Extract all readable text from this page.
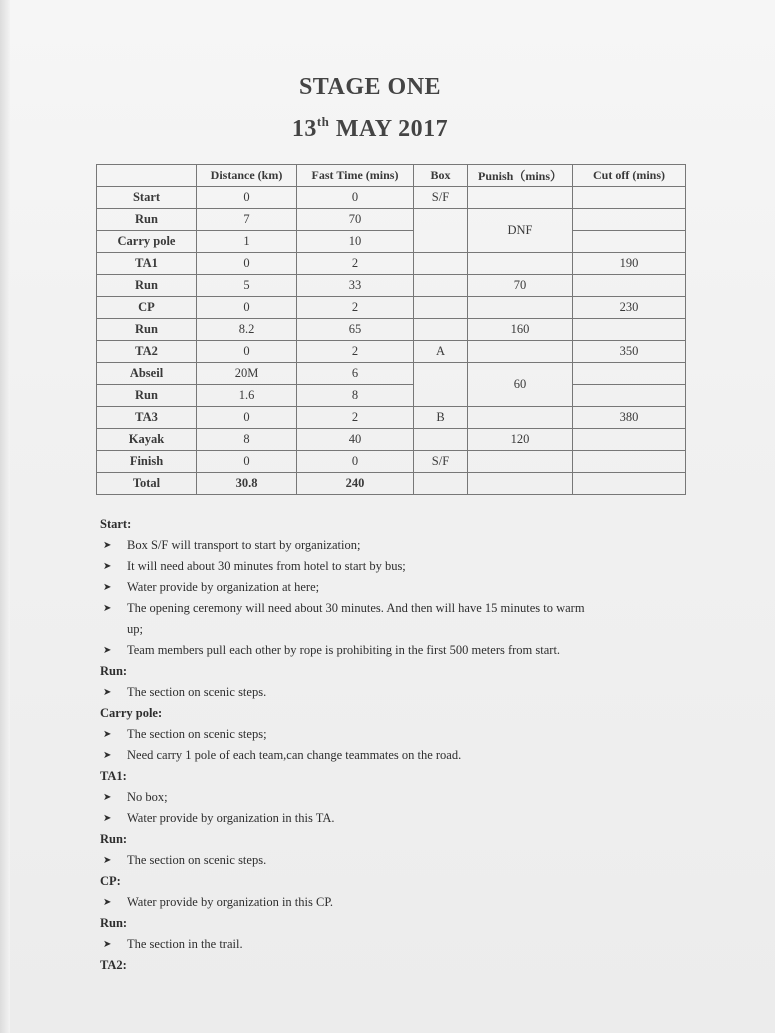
STAGE ONE
13th MAY 2017
	Distance (km)	Fast Time (mins)	Box	Punish（mins）	Cut off (mins)
Start	0	0	S/F		
Run	7	70		DNF	
Carry pole	1	10			
TA1	0	2			190
Run	5	33		70	
CP	0	2			230
Run	8.2	65		160	
TA2	0	2	A		350
Abseil	20M	6		60	
Run	1.6	8			
TA3	0	2	B		380
Kayak	8	40		120	
Finish	0	0	S/F		
Total	30.8	240			
Start:
➤ Box S/F will transport to start by organization;
➤ It will need about 30 minutes from hotel to start by bus;
➤ Water provide by organization at here;
➤ The opening ceremony will need about 30 minutes. And then will have 15 minutes to warm
up;
➤ Team members pull each other by rope is prohibiting in the first 500 meters from start.
Run:
➤ The section on scenic steps.
Carry pole:
➤ The section on scenic steps;
➤ Need carry 1 pole of each team,can change teammates on the road.
TA1:
➤ No box;
➤ Water provide by organization in this TA.
Run:
➤ The section on scenic steps.
CP:
➤ Water provide by organization in this CP.
Run:
➤ The section in the trail.
TA2:
